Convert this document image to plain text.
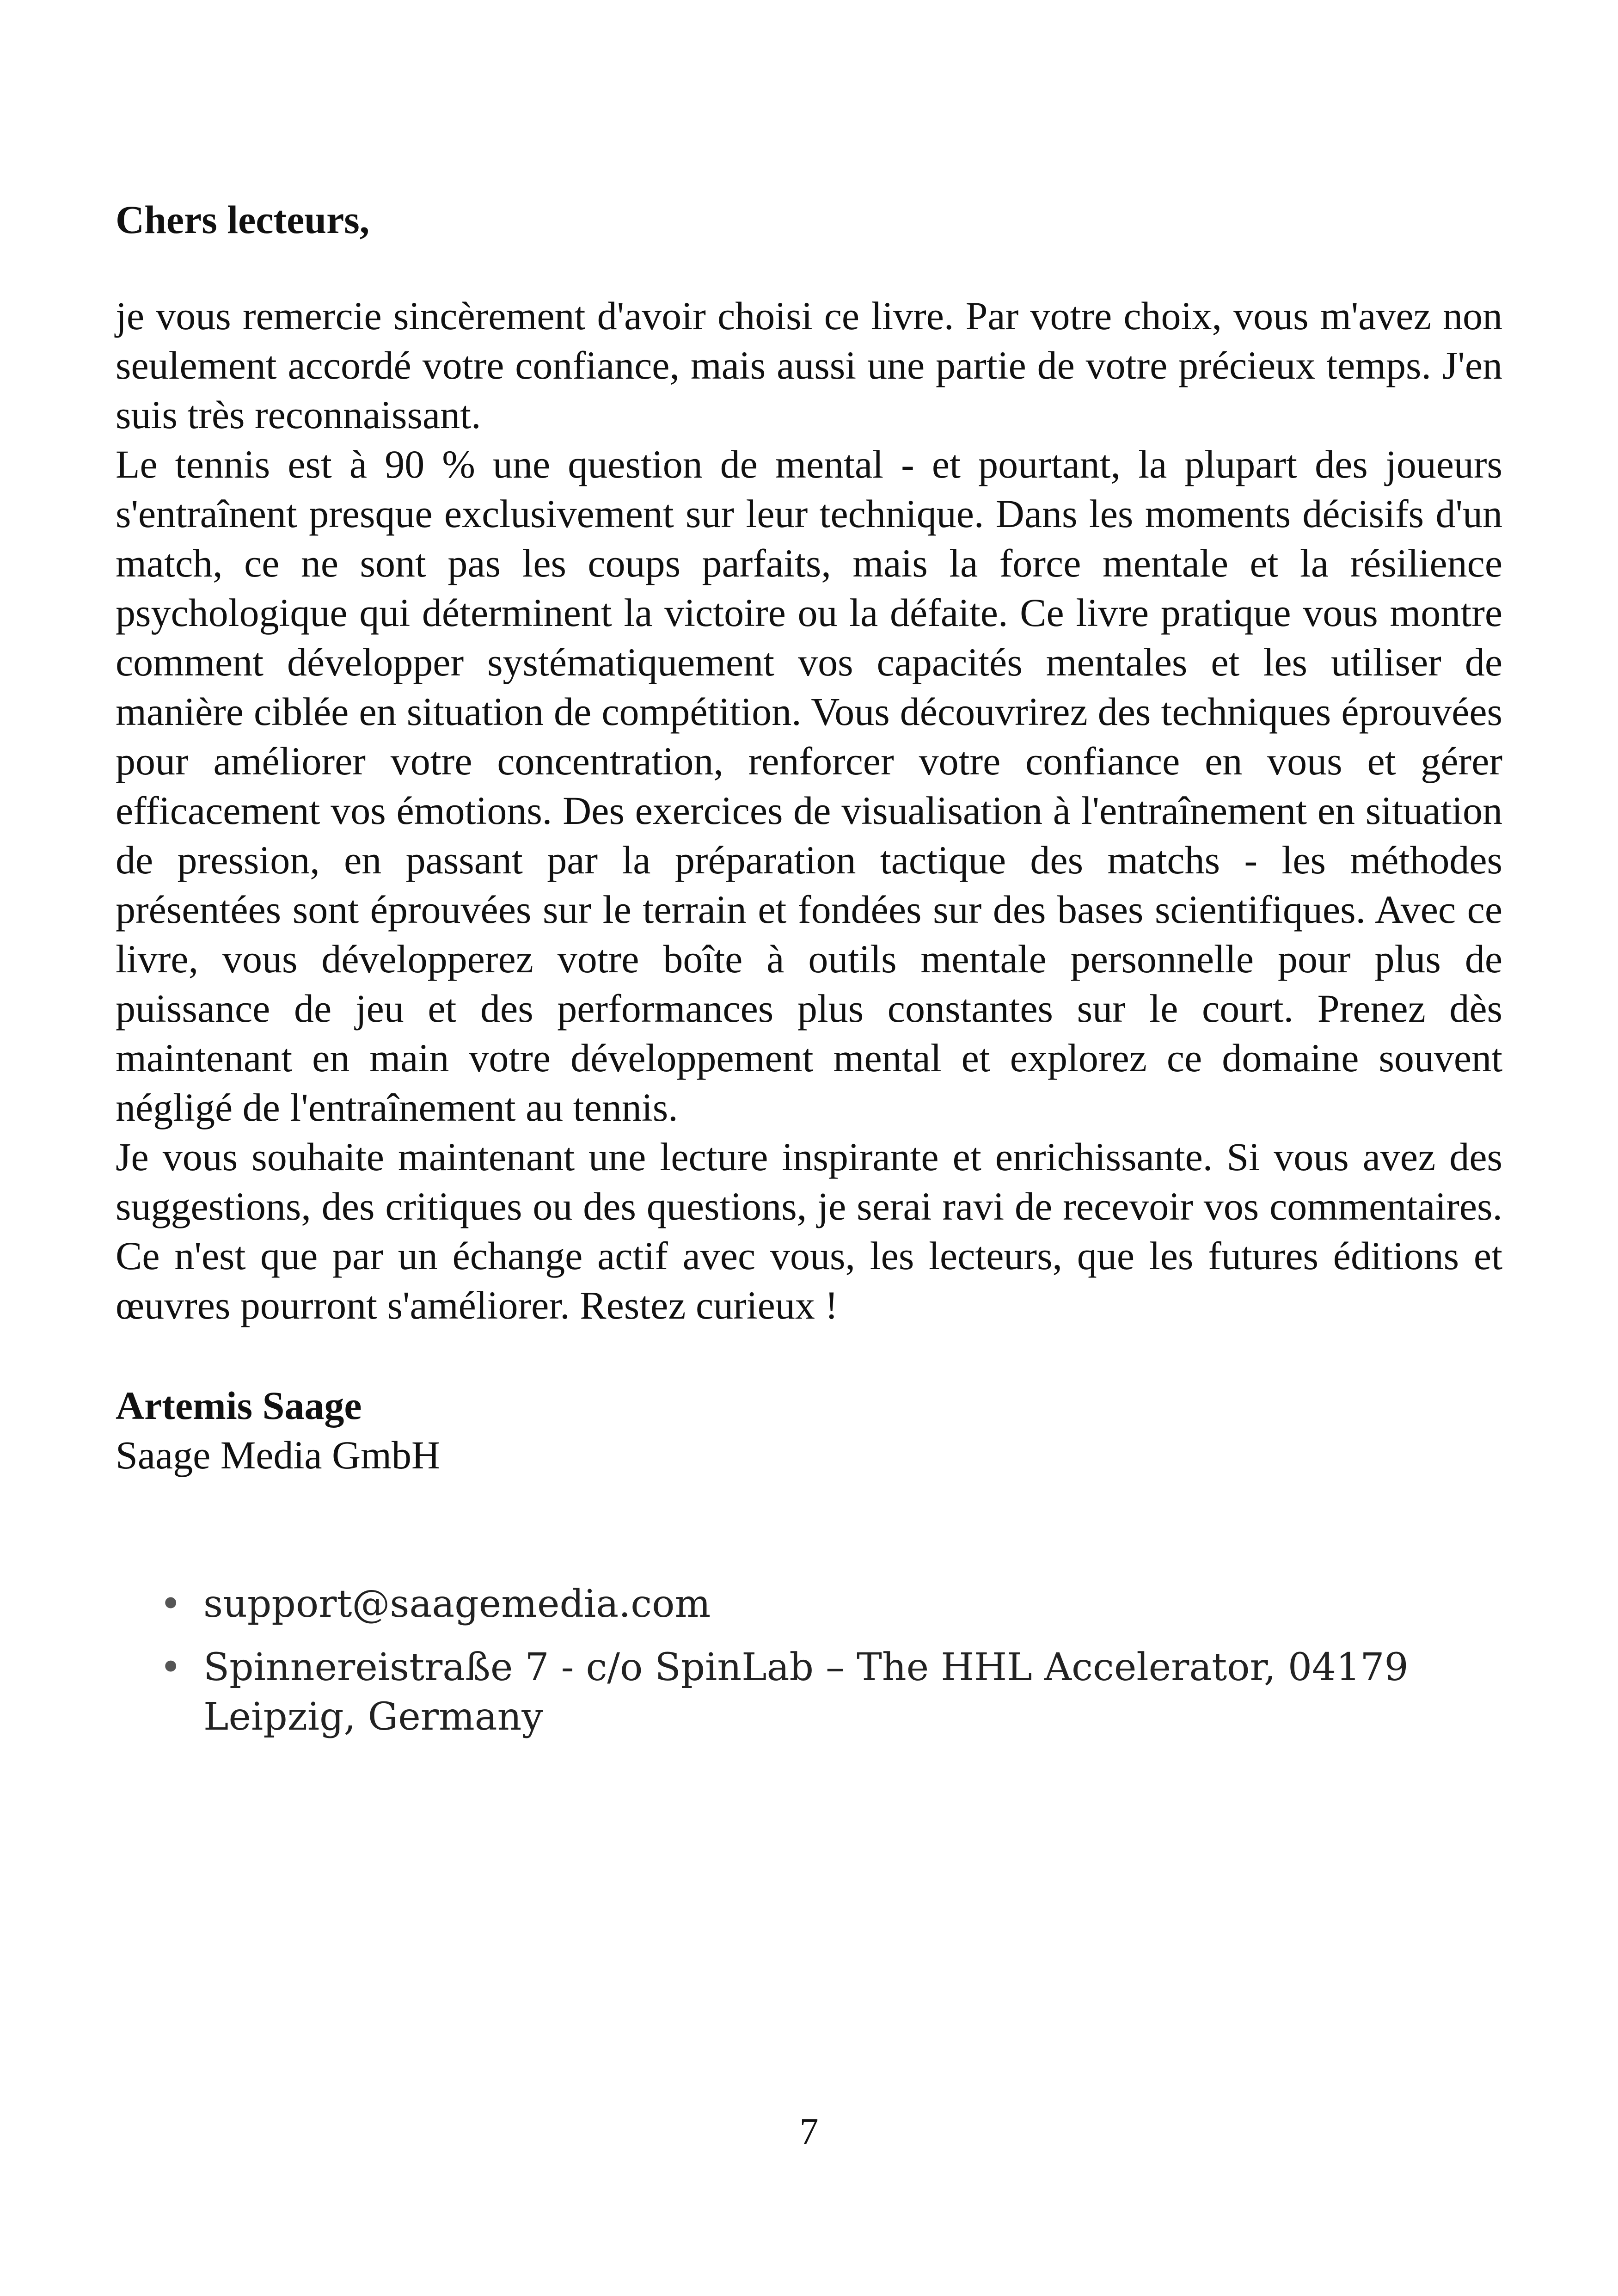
Chers lecteurs,

je vous remercie sincèrement d'avoir choisi ce livre. Par votre choix, vous m'avez non seulement accordé votre confiance, mais aussi une partie de votre précieux temps. J'en suis très reconnaissant.

Le tennis est à 90 % une question de mental - et pourtant, la plupart des joueurs s'entraînent presque exclusivement sur leur technique. Dans les moments décisifs d'un match, ce ne sont pas les coups parfaits, mais la force mentale et la résilience psychologique qui déterminent la victoire ou la défaite. Ce livre pratique vous montre comment développer systématiquement vos capacités mentales et les utiliser de manière ciblée en situation de compétition. Vous découvrirez des techniques éprouvées pour améliorer votre concentration, renforcer votre confiance en vous et gérer efficacement vos émotions. Des exercices de visualisation à l'entraînement en situation de pression, en passant par la préparation tactique des matchs - les méthodes présentées sont éprouvées sur le terrain et fondées sur des bases scientifiques. Avec ce livre, vous développerez votre boîte à outils mentale personnelle pour plus de puissance de jeu et des performances plus constantes sur le court. Prenez dès maintenant en main votre développement mental et explorez ce domaine souvent négligé de l'entraînement au tennis.

Je vous souhaite maintenant une lecture inspirante et enrichissante. Si vous avez des suggestions, des critiques ou des questions, je serai ravi de recevoir vos commentaires. Ce n'est que par un échange actif avec vous, les lecteurs, que les futures éditions et œuvres pourront s'améliorer. Restez curieux !

Artemis Saage
Saage Media GmbH
• support@saagemedia.com
• Spinnereistraße 7 - c/o SpinLab – The HHL Accelerator, 04179 Leipzig, Germany
7
